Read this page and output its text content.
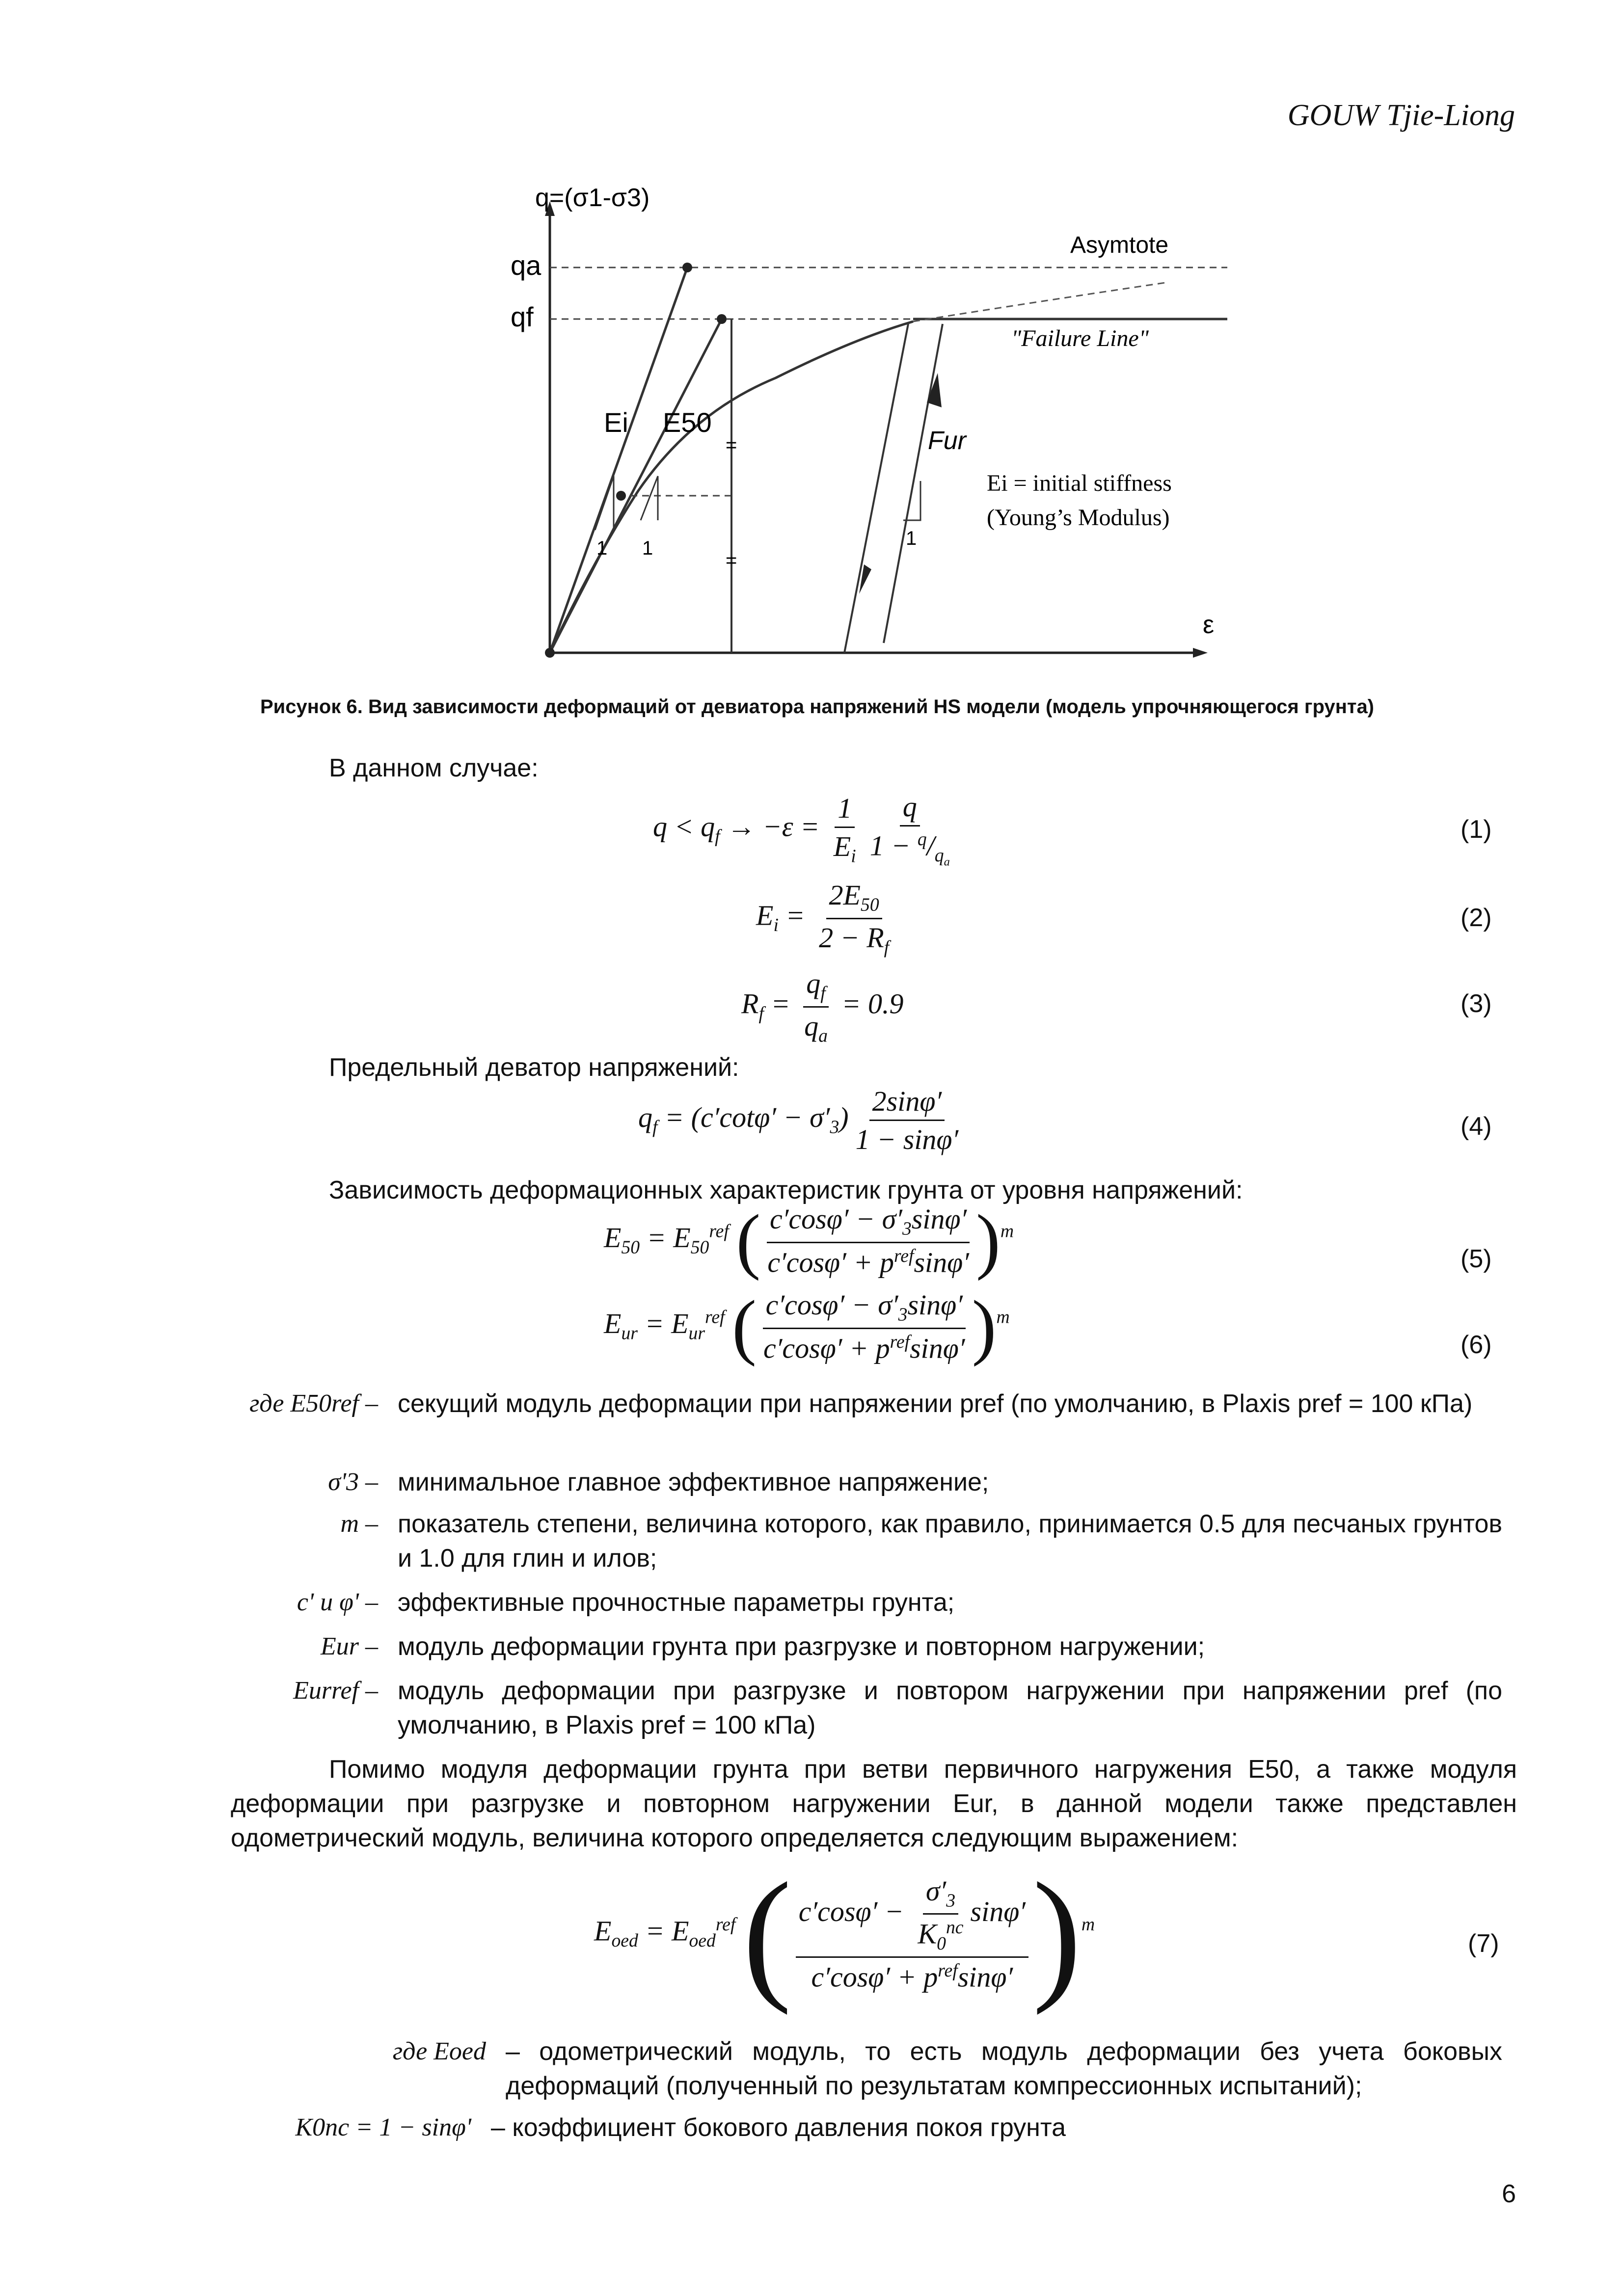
GOUW Tjie-Liong
=
=
q=(σ1-σ3)
ε
qa
qf
Asymtote
"Failure Line"
Ei E50
1 1
Fur
1
Ei = initial stiffness
(Young’s Modulus)
Рисунок 6. Вид зависимости деформаций от девиатора напряжений HS модели (модель упрочняющегося грунта)
В данном случае:
$q < q_f \to -\varepsilon = \frac{1}{E_i} \frac{q}{1 - ^q/_{q_a}}$	(1)
$E_i = \frac{2E_{50}}{2 - R_f}$	(2)
$R_f = \frac{q_f}{q_a} = 0.9$	(3)
Предельный деватор напряжений:
$q_f = (c'\cot\varphi' - \sigma'_3) \frac{2\sin\varphi'}{1 - \sin\varphi'}$	(4)
Зависимость деформационных характеристик грунта от уровня напряжений:
$E_{50} = E_{50}^{ref}$ ( $\frac{c'\cos\varphi' - \sigma'_3\sin\varphi'}{c'\cos\varphi' + p^{ref}\sin\varphi'} )^m$
(5)
$E_{ur} = E_{ur}^{ref}$ ( $\frac{c'\cos\varphi' - \sigma'_3\sin\varphi'}{c'\cos\varphi' + p^{ref}\sin\varphi'} )^m$
(6)
где E50ref – секущий модуль деформации при напряжении pref (по умолчанию, в Plaxis pref = 100 кПа)
σ'3 – минимальное главное эффективное напряжение;
m – показатель степени, величина которого, как правило, принимается 0.5 для песчаных грунтов и 1.0 для глин и илов;
c' и φ' – эффективные прочностные параметры грунта;
Eur – модуль деформации грунта при разгрузке и повторном нагружении;
Eurref – модуль деформации при разгрузке и повтором нагружении при напряжении pref (по умолчанию, в Plaxis pref = 100 кПа)
Помимо модуля деформации грунта при ветви первичного нагружения E50, а также модуля деформации при разгрузке и повторном нагружении Eur, в данной модели также представлен одометрический модуль, величина которого определяется следующим выражением:
$E_{oed} = E_{oed}^{ref}$ ( $\frac{c'\cos\varphi' - \frac{\sigma'_3}{K_0^{nc}} \sin\varphi'}{c'\cos\varphi' + p^{ref}\sin\varphi'} )^m$
(7)
где Eoed – одометрический модуль, то есть модуль деформации без учета боковых деформаций (полученный по результатам компрессионных испытаний);
K0nc = 1 − sinφ' – коэффициент бокового давления покоя грунта
6
